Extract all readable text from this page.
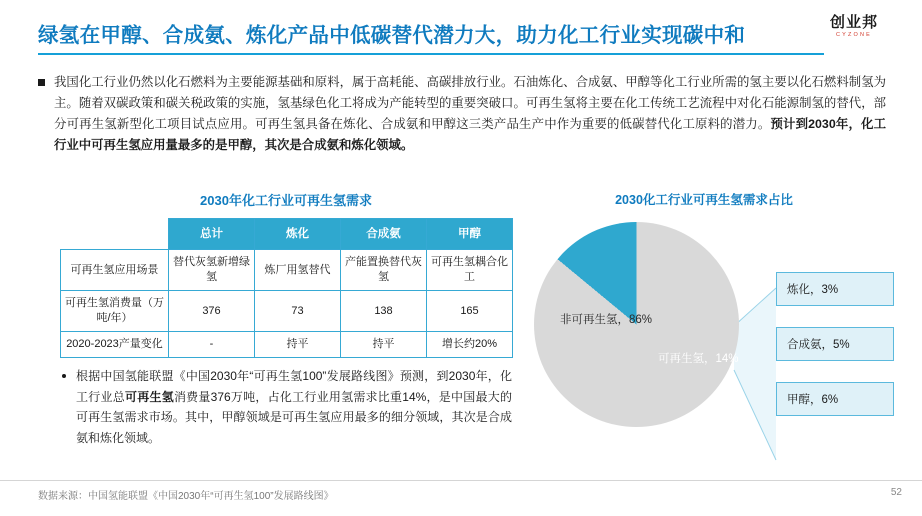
绿氢在甲醇、合成氨、炼化产品中低碳替代潜力大，助力化工行业实现碳中和
创业邦
CYZONE
我国化工行业仍然以化石燃料为主要能源基础和原料，属于高耗能、高碳排放行业。石油炼化、合成氨、甲醇等化工行业所需的氢主要以化石燃料制氢为主。随着双碳政策和碳关税政策的实施，氢基绿色化工将成为产能转型的重要突破口。可再生氢将主要在化工传统工艺流程中对化石能源制氢的替代，部分可再生氢新型化工项目试点应用。可再生氢具备在炼化、合成氨和甲醇这三类产品生产中作为重要的低碳替代化工原料的潜力。预计到2030年，化工行业中可再生氢应用量最多的是甲醇，其次是合成氨和炼化领域。
2030年化工行业可再生氢需求
	总计	炼化	合成氨	甲醇
可再生氢应用场景	替代灰氢新增绿氢	炼厂用氢替代	产能置换替代灰氢	可再生氢耦合化工
可再生氢消费量（万吨/年）	376	73	138	165
2020-2023产量变化	-	持平	持平	增长约20%
根据中国氢能联盟《中国2030年“可再生氢100”发展路线图》预测，到2030年，化工行业总可再生氢消费量376万吨，占化工行业用氢需求比重14%，是中国最大的可再生氢需求市场。其中，甲醇领域是可再生氢应用最多的细分领域，其次是合成氨和炼化领域。
2030化工行业可再生氢需求占比
非可再生氢，86%
可再生氢，14%
炼化，3%
合成氨，5%
甲醇，6%
数据来源：中国氢能联盟《中国2030年“可再生氢100”发展路线图》	52
